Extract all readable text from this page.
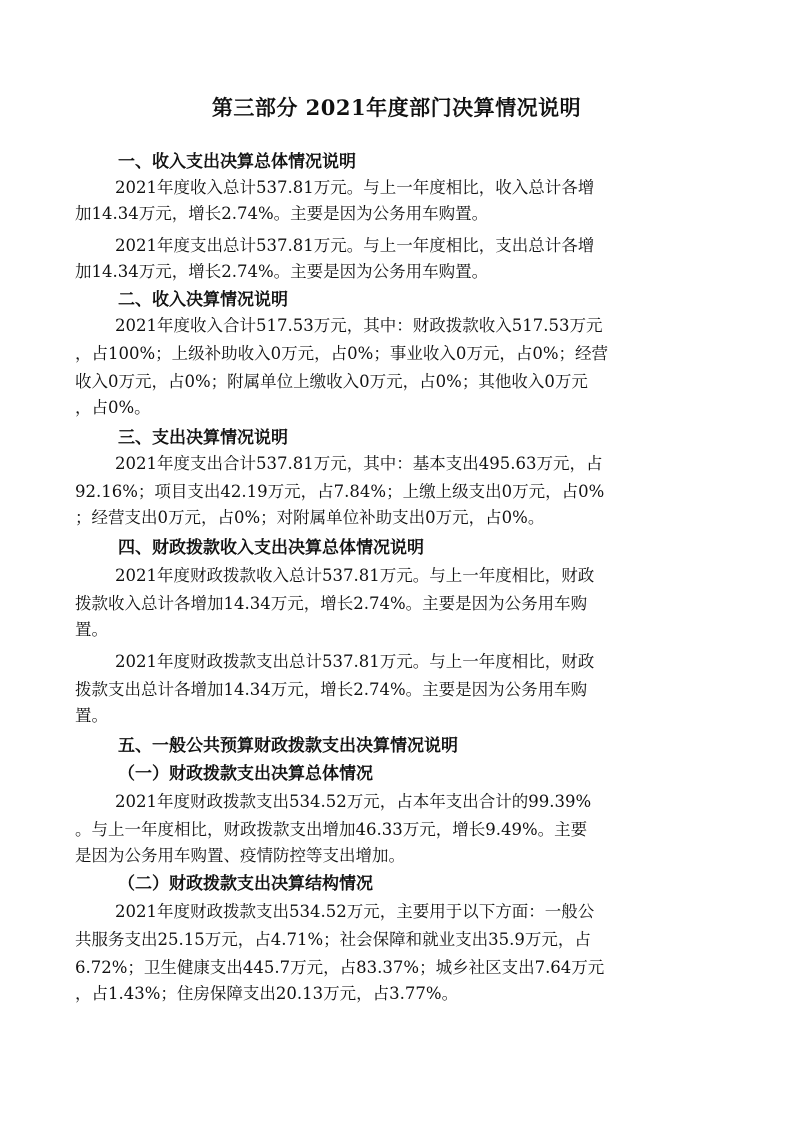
第三部分 2021年度部门决算情况说明
一、收入支出决算总体情况说明
2021年度收入总计537.81万元。与上一年度相比，收入总计各增
加14.34万元，增长2.74%。主要是因为公务用车购置。
2021年度支出总计537.81万元。与上一年度相比，支出总计各增
加14.34万元，增长2.74%。主要是因为公务用车购置。
二、收入决算情况说明
2021年度收入合计517.53万元，其中：财政拨款收入517.53万元
，占100%；上级补助收入0万元，占0%；事业收入0万元，占0%；经营
收入0万元，占0%；附属单位上缴收入0万元，占0%；其他收入0万元
，占0%。
三、支出决算情况说明
2021年度支出合计537.81万元，其中：基本支出495.63万元，占
92.16%；项目支出42.19万元，占7.84%；上缴上级支出0万元，占0%
；经营支出0万元，占0%；对附属单位补助支出0万元，占0%。
四、财政拨款收入支出决算总体情况说明
2021年度财政拨款收入总计537.81万元。与上一年度相比，财政
拨款收入总计各增加14.34万元，增长2.74%。主要是因为公务用车购
置。
2021年度财政拨款支出总计537.81万元。与上一年度相比，财政
拨款支出总计各增加14.34万元，增长2.74%。主要是因为公务用车购
置。
五、一般公共预算财政拨款支出决算情况说明
（一）财政拨款支出决算总体情况
2021年度财政拨款支出534.52万元，占本年支出合计的99.39%
。与上一年度相比，财政拨款支出增加46.33万元，增长9.49%。主要
是因为公务用车购置、疫情防控等支出增加。
（二）财政拨款支出决算结构情况
2021年度财政拨款支出534.52万元，主要用于以下方面：一般公
共服务支出25.15万元，占4.71%；社会保障和就业支出35.9万元，占
6.72%；卫生健康支出445.7万元，占83.37%；城乡社区支出7.64万元
，占1.43%；住房保障支出20.13万元，占3.77%。
